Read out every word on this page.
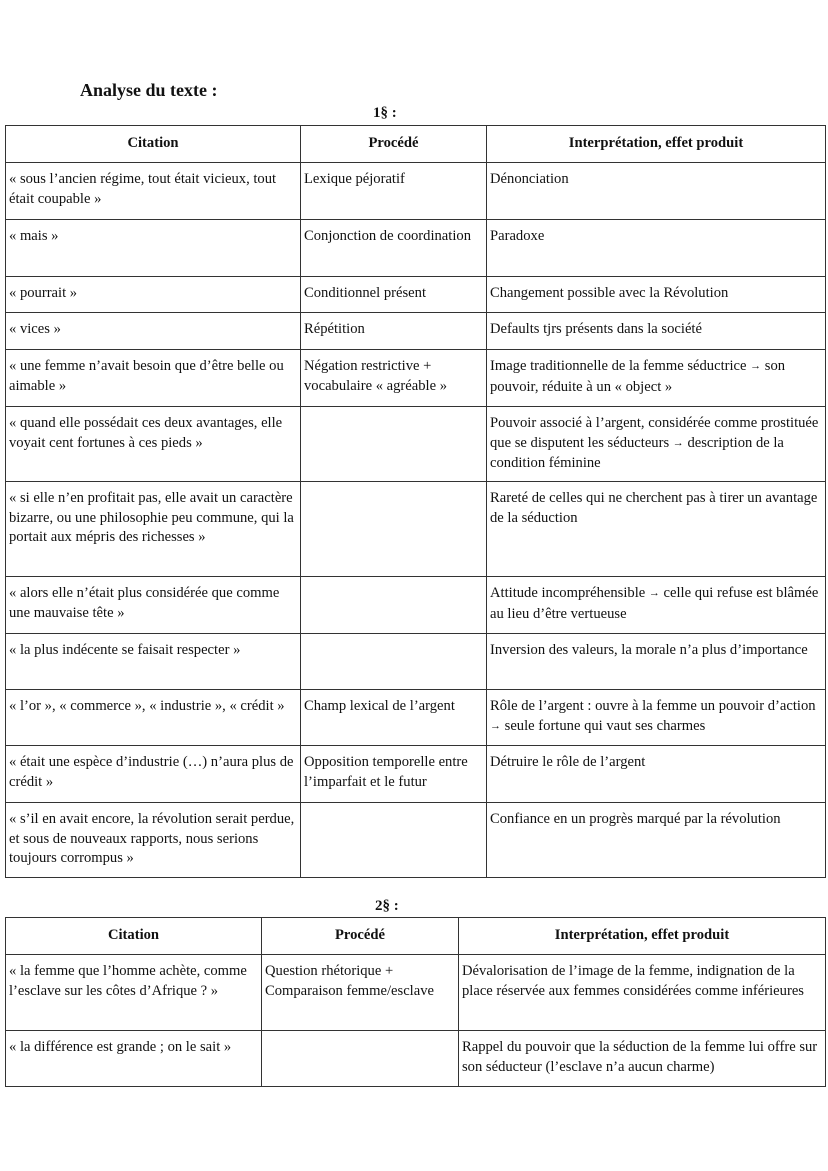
Analyse du texte :
1§ :
Citation	Procédé	Interprétation, effet produit
« sous l’ancien régime, tout était vicieux, tout était coupable »	Lexique péjoratif	Dénonciation
« mais »	Conjonction de coordination	Paradoxe
« pourrait »	Conditionnel présent	Changement possible avec la Révolution
« vices »	Répétition	Defaults tjrs présents dans la société
« une femme n’avait besoin que d’être belle ou aimable »	Négation restrictive + vocabulaire « agréable »	Image traditionnelle de la femme séductrice → son pouvoir, réduite à un « object »
« quand elle possédait ces deux avantages, elle voyait cent fortunes à ces pieds »		Pouvoir associé à l’argent, considérée comme prostituée que se disputent les séducteurs → description de la condition féminine
« si elle n’en profitait pas, elle avait un caractère bizarre, ou une philosophie peu commune, qui la portait aux mépris des richesses »		Rareté de celles qui ne cherchent pas à tirer un avantage de la séduction
« alors elle n’était plus considérée que comme une mauvaise tête »		Attitude incompréhensible → celle qui refuse est blâmée au lieu d’être vertueuse
« la plus indécente se faisait respecter »		Inversion des valeurs, la morale n’a plus d’importance
« l’or », « commerce », « industrie », « crédit »	Champ lexical de l’argent	Rôle de l’argent : ouvre à la femme un pouvoir d’action → seule fortune qui vaut ses charmes
« était une espèce d’industrie (…) n’aura plus de crédit »	Opposition temporelle entre l’imparfait et le futur	Détruire le rôle de l’argent
« s’il en avait encore, la révolution serait perdue, et sous de nouveaux rapports, nous serions toujours corrompus »		Confiance en un progrès marqué par la révolution
2§ :
Citation	Procédé	Interprétation, effet produit
« la femme que l’homme achète, comme l’esclave sur les côtes d’Afrique ? »	Question rhétorique + Comparaison femme/esclave	Dévalorisation de l’image de la femme, indignation de la place réservée aux femmes considérées comme inférieures
« la différence est grande ; on le sait »		Rappel du pouvoir que la séduction de la femme lui offre sur son séducteur (l’esclave n’a aucun charme)
